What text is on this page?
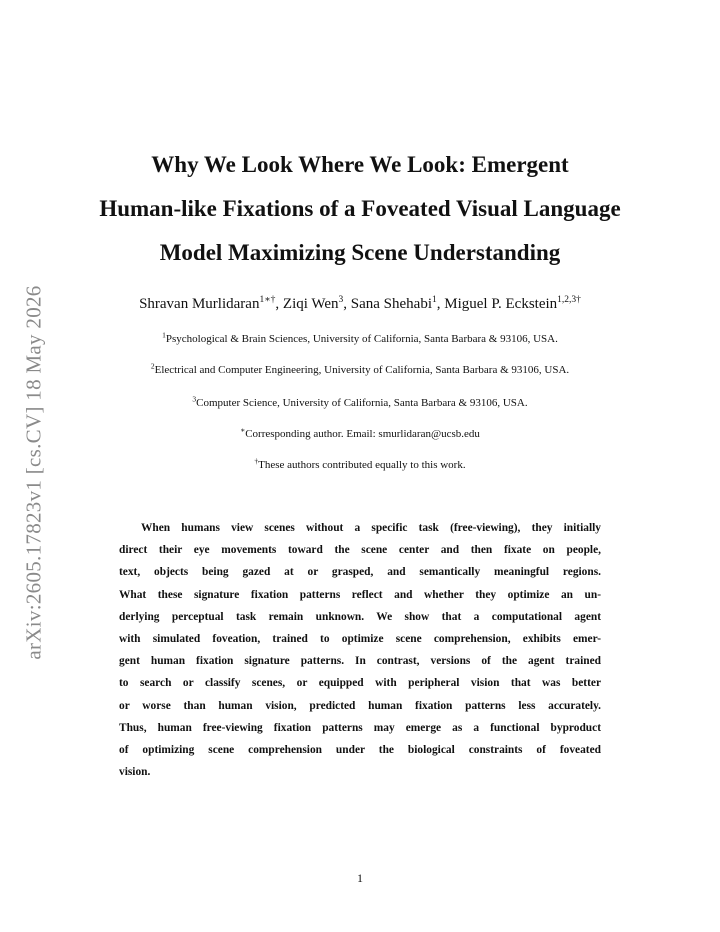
arXiv:2605.17823v1 [cs.CV] 18 May 2026
Why We Look Where We Look: Emergent
Human-like Fixations of a Foveated Visual Language
Model Maximizing Scene Understanding
Shravan Murlidaran$^{1∗\dagger}$, Ziqi Wen$^3$, Sana Shehabi$^1$, Miguel P. Eckstein$^{1,2,3\dagger}$
$^1$Psychological & Brain Sciences, University of California, Santa Barbara & 93106, USA.
$^2$Electrical and Computer Engineering, University of California, Santa Barbara & 93106, USA.
$^3$Computer Science, University of California, Santa Barbara & 93106, USA.
∗Corresponding author. Email: smurlidaran@ucsb.edu
†These authors contributed equally to this work.
When humans view scenes without a specific task (free-viewing), they initially
direct their eye movements toward the scene center and then fixate on people,
text, objects being gazed at or grasped, and semantically meaningful regions.
What these signature fixation patterns reflect and whether they optimize an un-
derlying perceptual task remain unknown. We show that a computational agent
with simulated foveation, trained to optimize scene comprehension, exhibits emer-
gent human fixation signature patterns. In contrast, versions of the agent trained
to search or classify scenes, or equipped with peripheral vision that was better
or worse than human vision, predicted human fixation patterns less accurately.
Thus, human free-viewing fixation patterns may emerge as a functional byproduct
of optimizing scene comprehension under the biological constraints of foveated
vision.
1
